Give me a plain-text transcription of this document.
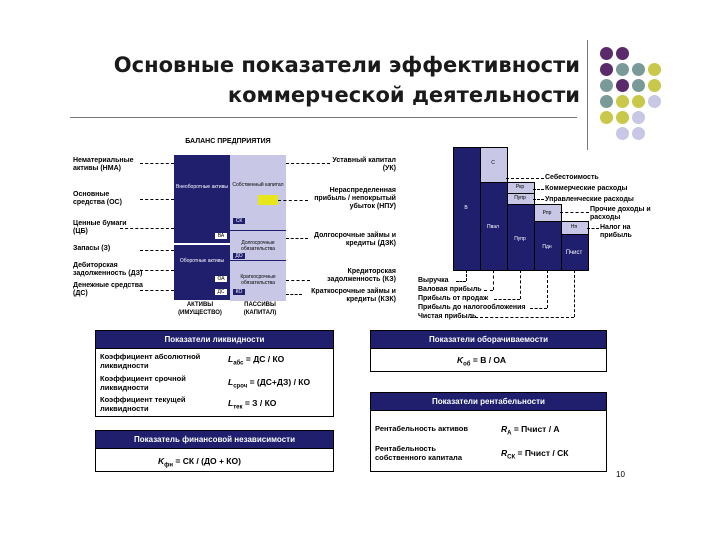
Основные показатели эффективности
коммерческой деятельности
БАЛАНС ПРЕДПРИЯТИЯ
Внеоборотные активы
ВА
Оборотные активы
ОА
ДС
Собственный капитал
СК
Долгосрочные обязательства
ДО
Краткосрочные обязательства
КО
АКТИВЫ (ИМУЩЕСТВО)
ПАССИВЫ (КАПИТАЛ)
Нематериальные активы (НМА)
Основные средства (ОС)
Ценные бумаги (ЦБ)
Запасы (З)
Дебиторская задолженность (ДЗ)
Денежные средства (ДС)
Уставный капитал (УК)
Нераспределенная прибыль / непокрытый убыток (НПУ)
Долгосрочные займы и кредиты (ДЗК)
Кредиторская задолженность (КЗ)
Краткосрочные займы и кредиты (КЗК)
В
С
Пвал
Ркр
Пупр
Пупр
Рпр
Пдн
Нп
Пчист
Себестоимость
Коммерческие расходы
Управленческие расходы
Прочие доходы и расходы
Налог на прибыль
Выручка
Валовая прибыль
Прибыль от продаж
Прибыль до налогообложения
Чистая прибыль
Показатели ликвидности
Коэффициент абсолютной ликвидности
$L_{абс}$ = ДС / КО
Коэффициент срочной ликвидности
$L_{сроч} = (ДС+ДЗ)$ / КО
Коэффициент текущей ликвидности
$L_{тек} = З$ / КО
Показатель финансовой независимости
$K_{фн}$ = СК / (ДО + КО)
Показатели оборачиваемости
$K_{об} = В$ / ОА
Показатели рентабельности
Рентабельность активов	$R_А$ = Пчист / А
Рентабельность собственного капитала	$R_{СК}$ = Пчист / СК
10
